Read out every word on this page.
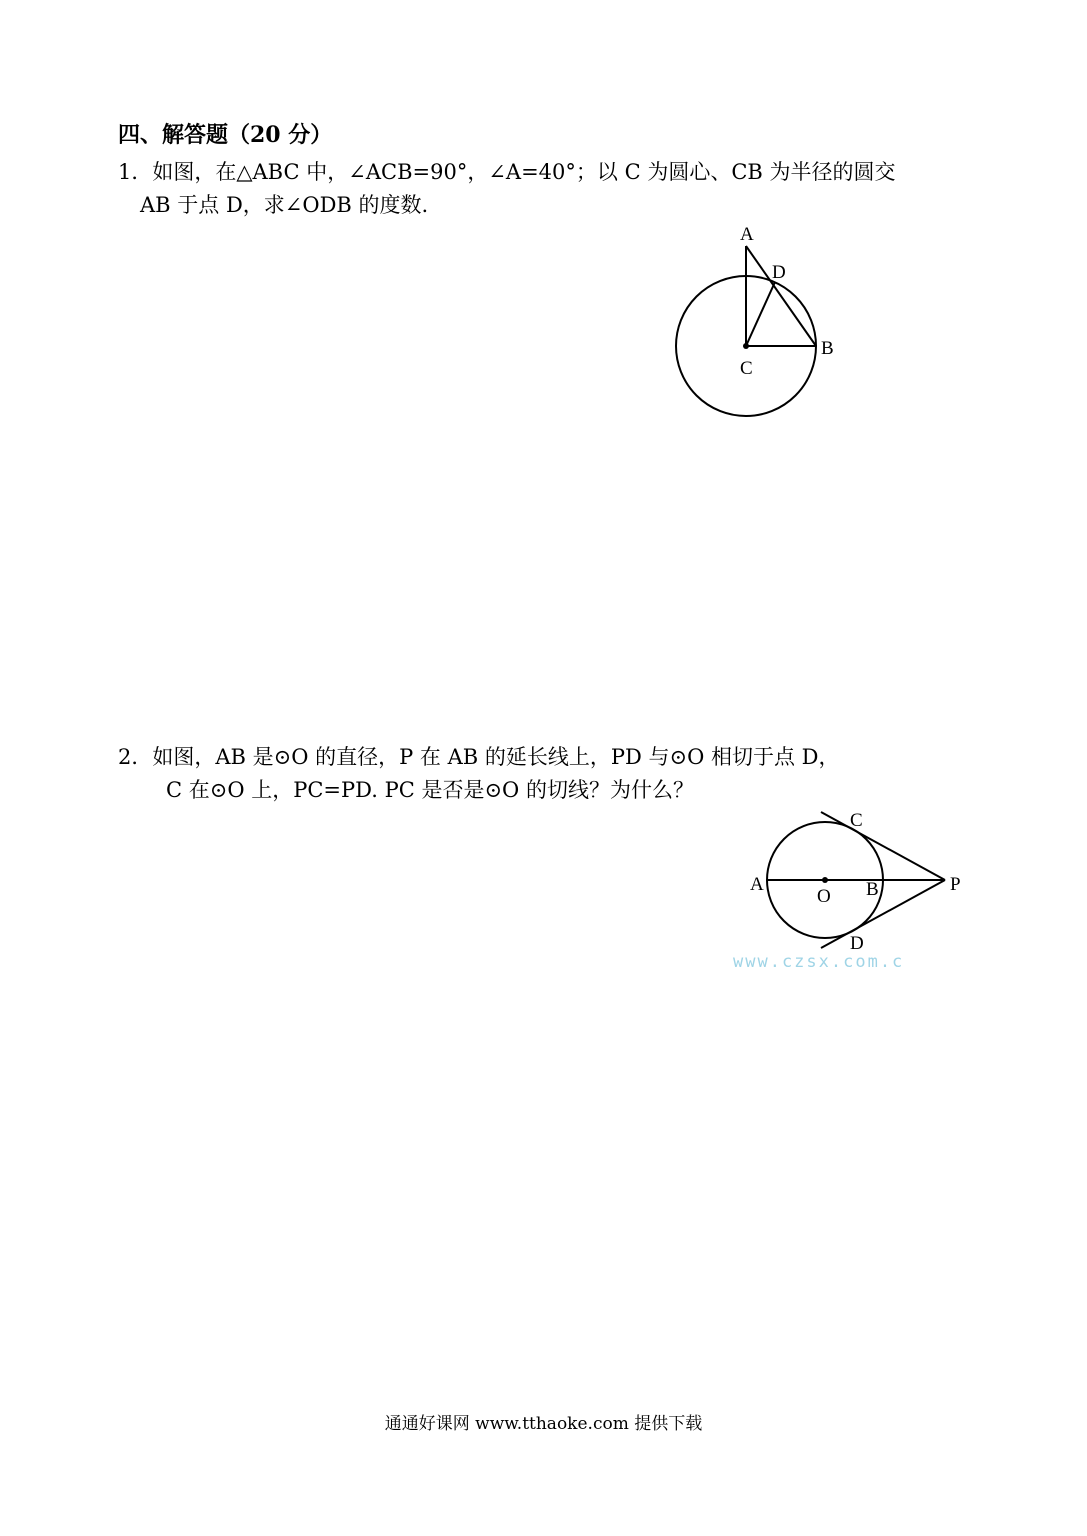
四、解答题（20 分）
1．如图，在△ABC 中，∠ACB=90°，∠A=40°；以 C 为圆心、CB 为半径的圆交
AB 于点 D，求∠ODB 的度数.
A
D
B
C
2．如图，AB 是⊙O 的直径，P 在 AB 的延长线上，PD 与⊙O 相切于点 D，
C 在⊙O 上，PC=PD. PC 是否是⊙O 的切线？为什么？
C
A
O B	P
D
www.czsx.com.c
通通好课网 www.tthaoke.com 提供下载
